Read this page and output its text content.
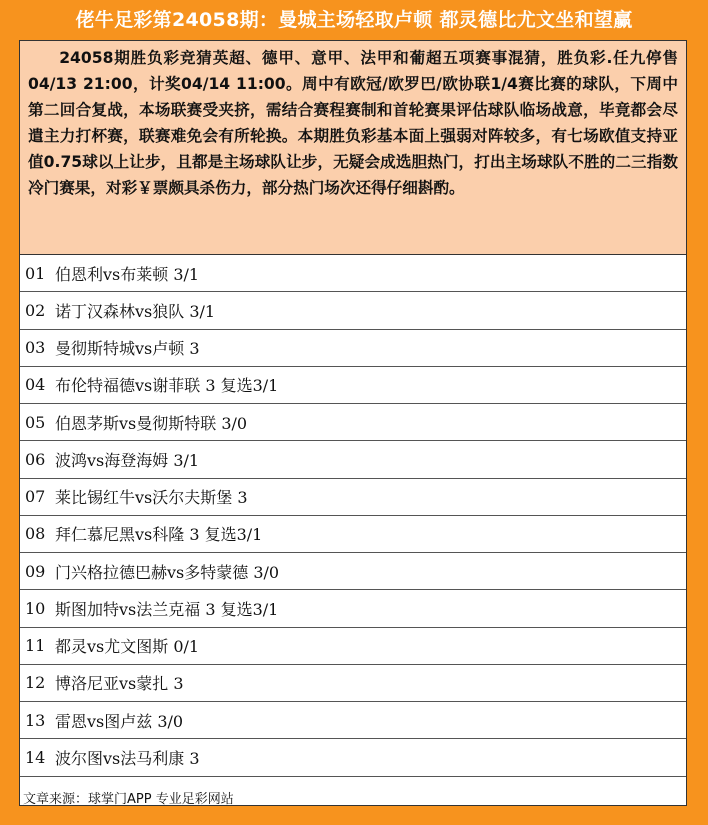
佬牛足彩第24058期：曼城主场轻取卢顿 都灵德比尤文坐和望赢
24058期胜负彩竞猜英超、德甲、意甲、法甲和葡超五项赛事混猜，胜负彩.任九停售04/13 21:00，计奖04/14 11:00。周中有欧冠/欧罗巴/欧协联1/4赛比赛的球队，下周中第二回合复战，本场联赛受夹挤，需结合赛程赛制和首轮赛果评估球队临场战意，毕竟都会尽遣主力打杯赛，联赛难免会有所轮换。本期胜负彩基本面上强弱对阵较多，有七场欧值支持亚值0.75球以上让步，且都是主场球队让步，无疑会成选胆热门，打出主场球队不胜的二三指数冷门赛果，对彩￥票颇具杀伤力，部分热门场次还得仔细斟酌。
01 伯恩利vs布莱顿 3/1
02 诺丁汉森林vs狼队 3/1
03 曼彻斯特城vs卢顿 3
04 布伦特福德vs谢菲联 3 复选3/1
05 伯恩茅斯vs曼彻斯特联 3/0
06 波鸿vs海登海姆 3/1
07 莱比锡红牛vs沃尔夫斯堡 3
08 拜仁慕尼黑vs科隆 3 复选3/1
09 门兴格拉德巴赫vs多特蒙德 3/0
10 斯图加特vs法兰克福 3 复选3/1
11 都灵vs尤文图斯 0/1
12 博洛尼亚vs蒙扎 3
13 雷恩vs图卢兹 3/0
14 波尔图vs法马利康 3
文章来源：球掌门APP 专业足彩网站
